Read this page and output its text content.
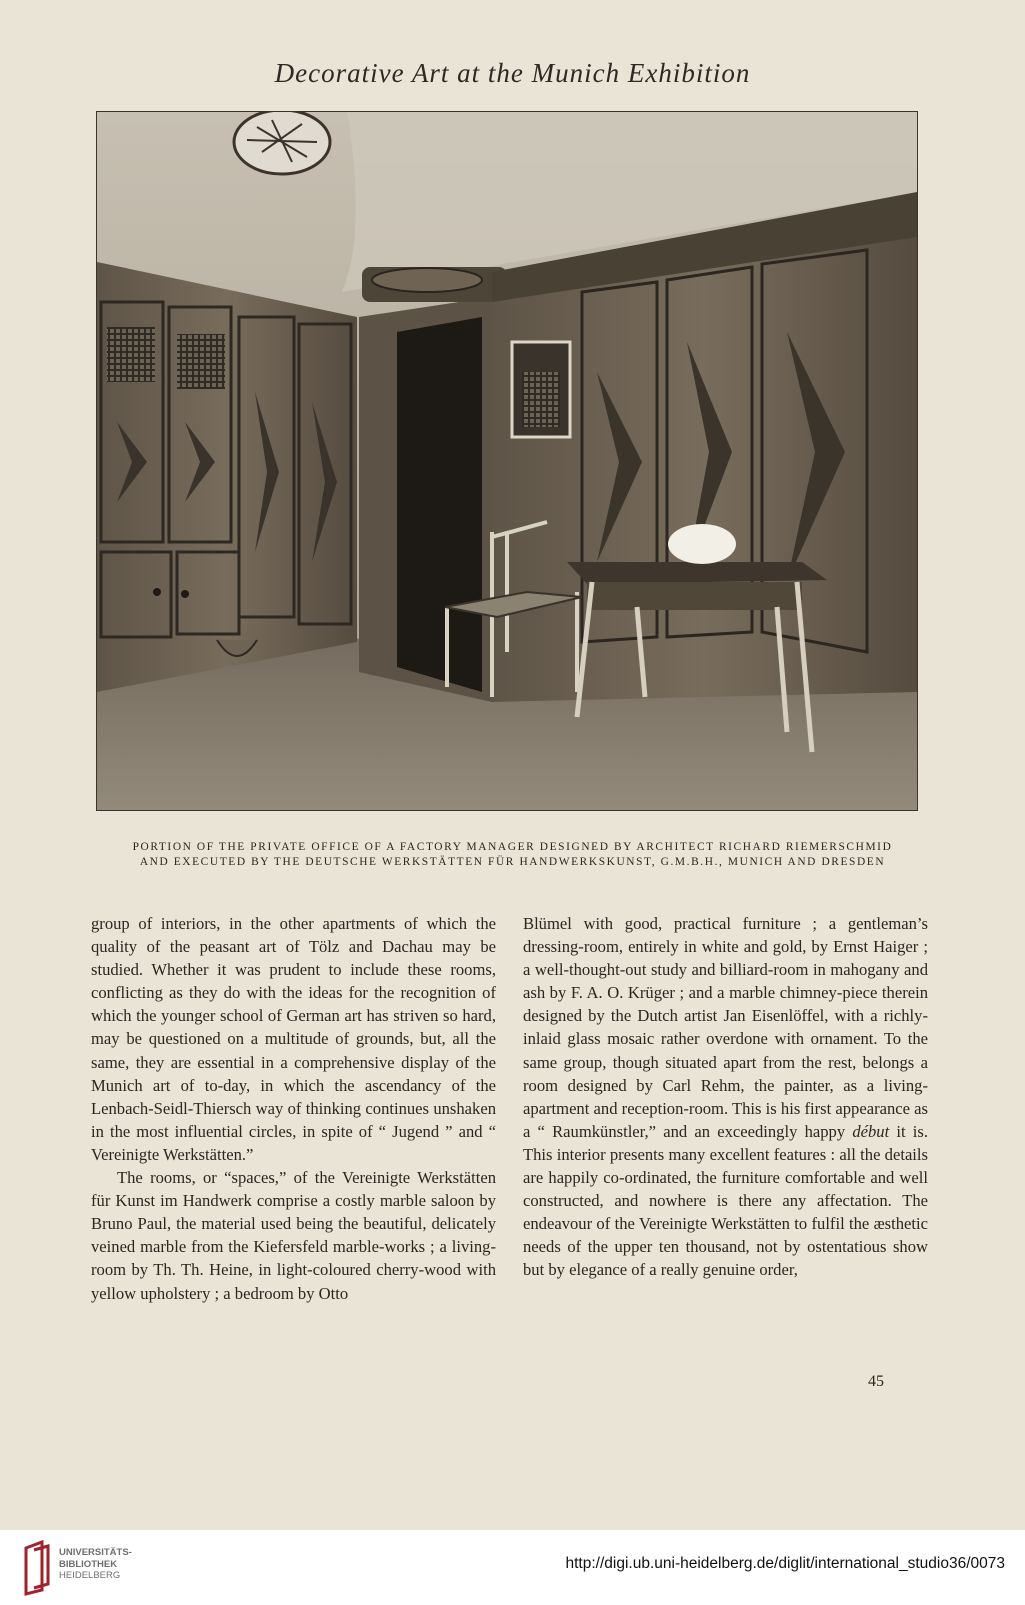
Decorative Art at the Munich Exhibition
PORTION OF THE PRIVATE OFFICE OF A FACTORY MANAGER DESIGNED BY ARCHITECT RICHARD RIEMERSCHMID
AND EXECUTED BY THE DEUTSCHE WERKSTÄTTEN FÜR HANDWERKSKUNST, G.M.B.H., MUNICH AND DRESDEN

group of interiors, in the other apartments of which the quality of the peasant art of Tölz and Dachau may be studied. Whether it was prudent to include these rooms, conflicting as they do with the ideas for the recognition of which the younger school of German art has striven so hard, may be questioned on a multitude of grounds, but, all the same, they are essential in a comprehensive display of the Munich art of to-day, in which the ascendancy of the Lenbach-Seidl-Thiersch way of thinking continues unshaken in the most influential circles, in spite of “ Jugend ” and “ Vereinigte Werkstätten.”

The rooms, or “spaces,” of the Vereinigte Werkstätten für Kunst im Handwerk comprise a costly marble saloon by Bruno Paul, the material used being the beautiful, delicately veined marble from the Kiefersfeld marble-works ; a living-room by Th. Th. Heine, in light-coloured cherry-wood with yellow upholstery ; a bedroom by Otto

Blümel with good, practical furniture ; a gentleman’s dressing-room, entirely in white and gold, by Ernst Haiger ; a well-thought-out study and billiard-room in mahogany and ash by F. A. O. Krüger ; and a marble chimney-piece therein designed by the Dutch artist Jan Eisenlöffel, with a richly-inlaid glass mosaic rather overdone with ornament. To the same group, though situated apart from the rest, belongs a room designed by Carl Rehm, the painter, as a living-apartment and reception-room. This is his first appearance as a “ Raumkünstler,” and an exceedingly happy début it is. This interior presents many excellent features : all the details are happily co-ordinated, the furniture comfortable and well constructed, and nowhere is there any affectation. The endeavour of the Vereinigte Werkstätten to fulfil the æsthetic needs of the upper ten thousand, not by ostentatious show but by elegance of a really genuine order,

45
UNIVERSITÄTS-
BIBLIOTHEK
HEIDELBERG
http://digi.ub.uni-heidelberg.de/diglit/international_studio36/0073
